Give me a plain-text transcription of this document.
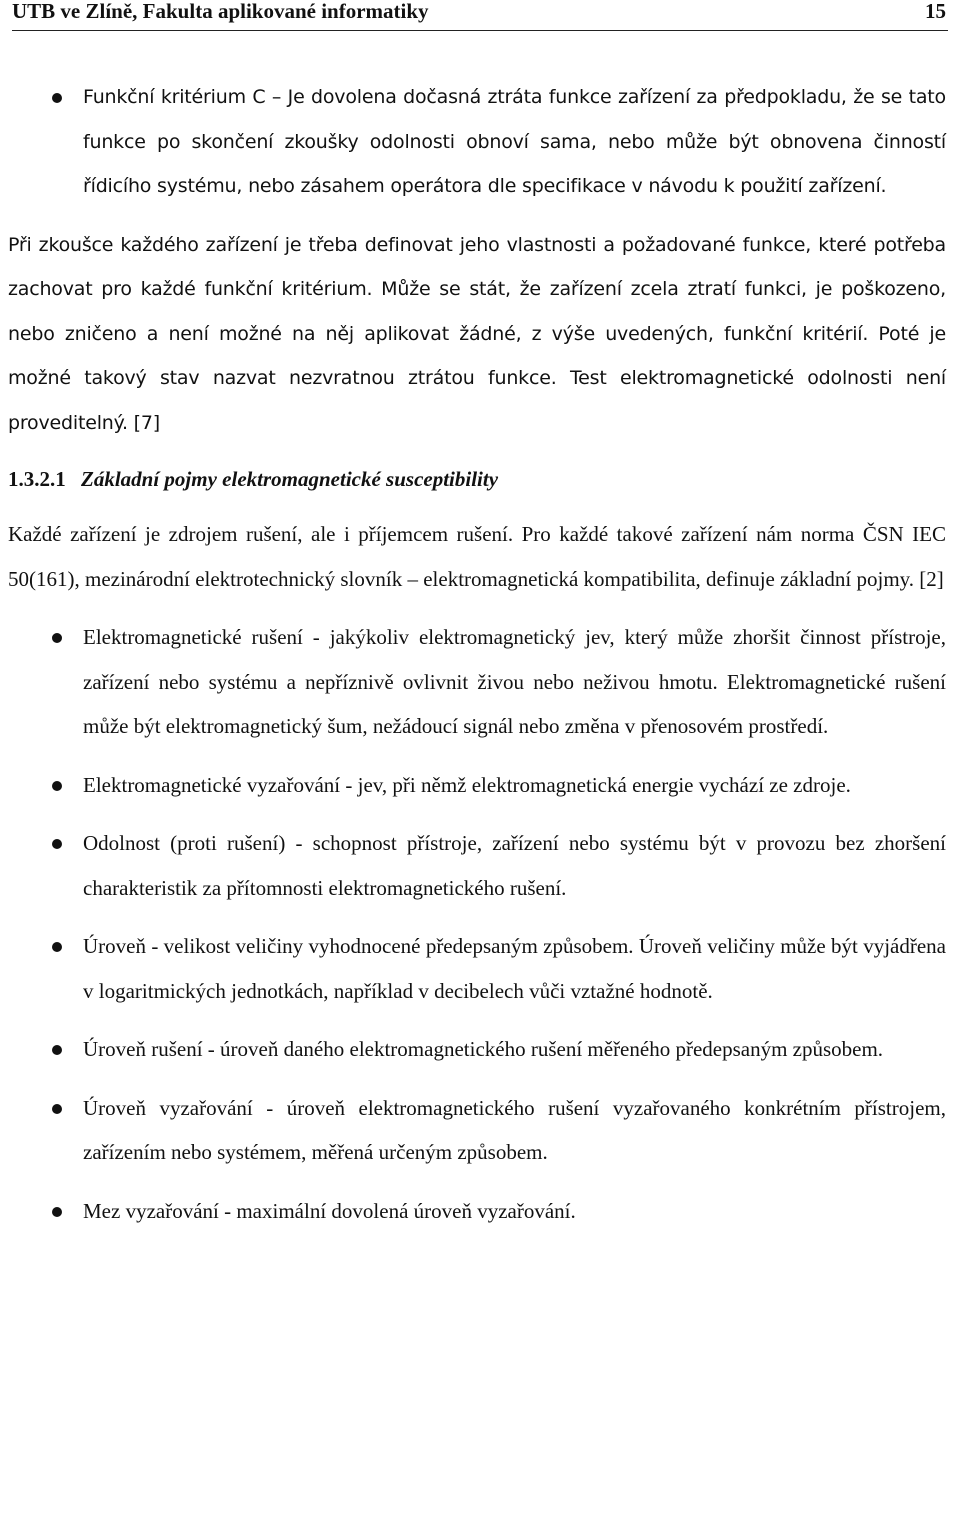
UTB ve Zlíně, Fakulta aplikované informatiky	15
Funkční kritérium C – Je dovolena dočasná ztráta funkce zařízení za předpokladu, že se tato funkce po skončení zkoušky odolnosti obnoví sama, nebo může být obnovena činností řídicího systému, nebo zásahem operátora dle specifikace v návodu k použití zařízení.

Při zkoušce každého zařízení je třeba definovat jeho vlastnosti a požadované funkce, které potřeba zachovat pro každé funkční kritérium. Může se stát, že zařízení zcela ztratí funkci, je poškozeno, nebo zničeno a není možné na něj aplikovat žádné, z výše uvedených, funkční kritérií. Poté je možné takový stav nazvat nezvratnou ztrátou funkce. Test elektromagnetické odolnosti není proveditelný. [7]

1.3.2.1 Základní pojmy elektromagnetické susceptibility

Každé zařízení je zdrojem rušení, ale i příjemcem rušení. Pro každé takové zařízení nám norma ČSN IEC 50(161), mezinárodní elektrotechnický slovník – elektromagnetická kompatibilita, definuje základní pojmy. [2]

Elektromagnetické rušení - jakýkoliv elektromagnetický jev, který může zhoršit činnost přístroje, zařízení nebo systému a nepříznivě ovlivnit živou nebo neživou hmotu. Elektromagnetické rušení může být elektromagnetický šum, nežádoucí signál nebo změna v přenosovém prostředí.
Elektromagnetické vyzařování - jev, při němž elektromagnetická energie vychází ze zdroje.
Odolnost (proti rušení) - schopnost přístroje, zařízení nebo systému být v provozu bez zhoršení charakteristik za přítomnosti elektromagnetického rušení.
Úroveň - velikost veličiny vyhodnocené předepsaným způsobem. Úroveň veličiny může být vyjádřena v logaritmických jednotkách, například v decibelech vůči vztažné hodnotě.
Úroveň rušení - úroveň daného elektromagnetického rušení měřeného předepsaným způsobem.
Úroveň vyzařování - úroveň elektromagnetického rušení vyzařovaného konkrétním přístrojem, zařízením nebo systémem, měřená určeným způsobem.
Mez vyzařování - maximální dovolená úroveň vyzařování.
